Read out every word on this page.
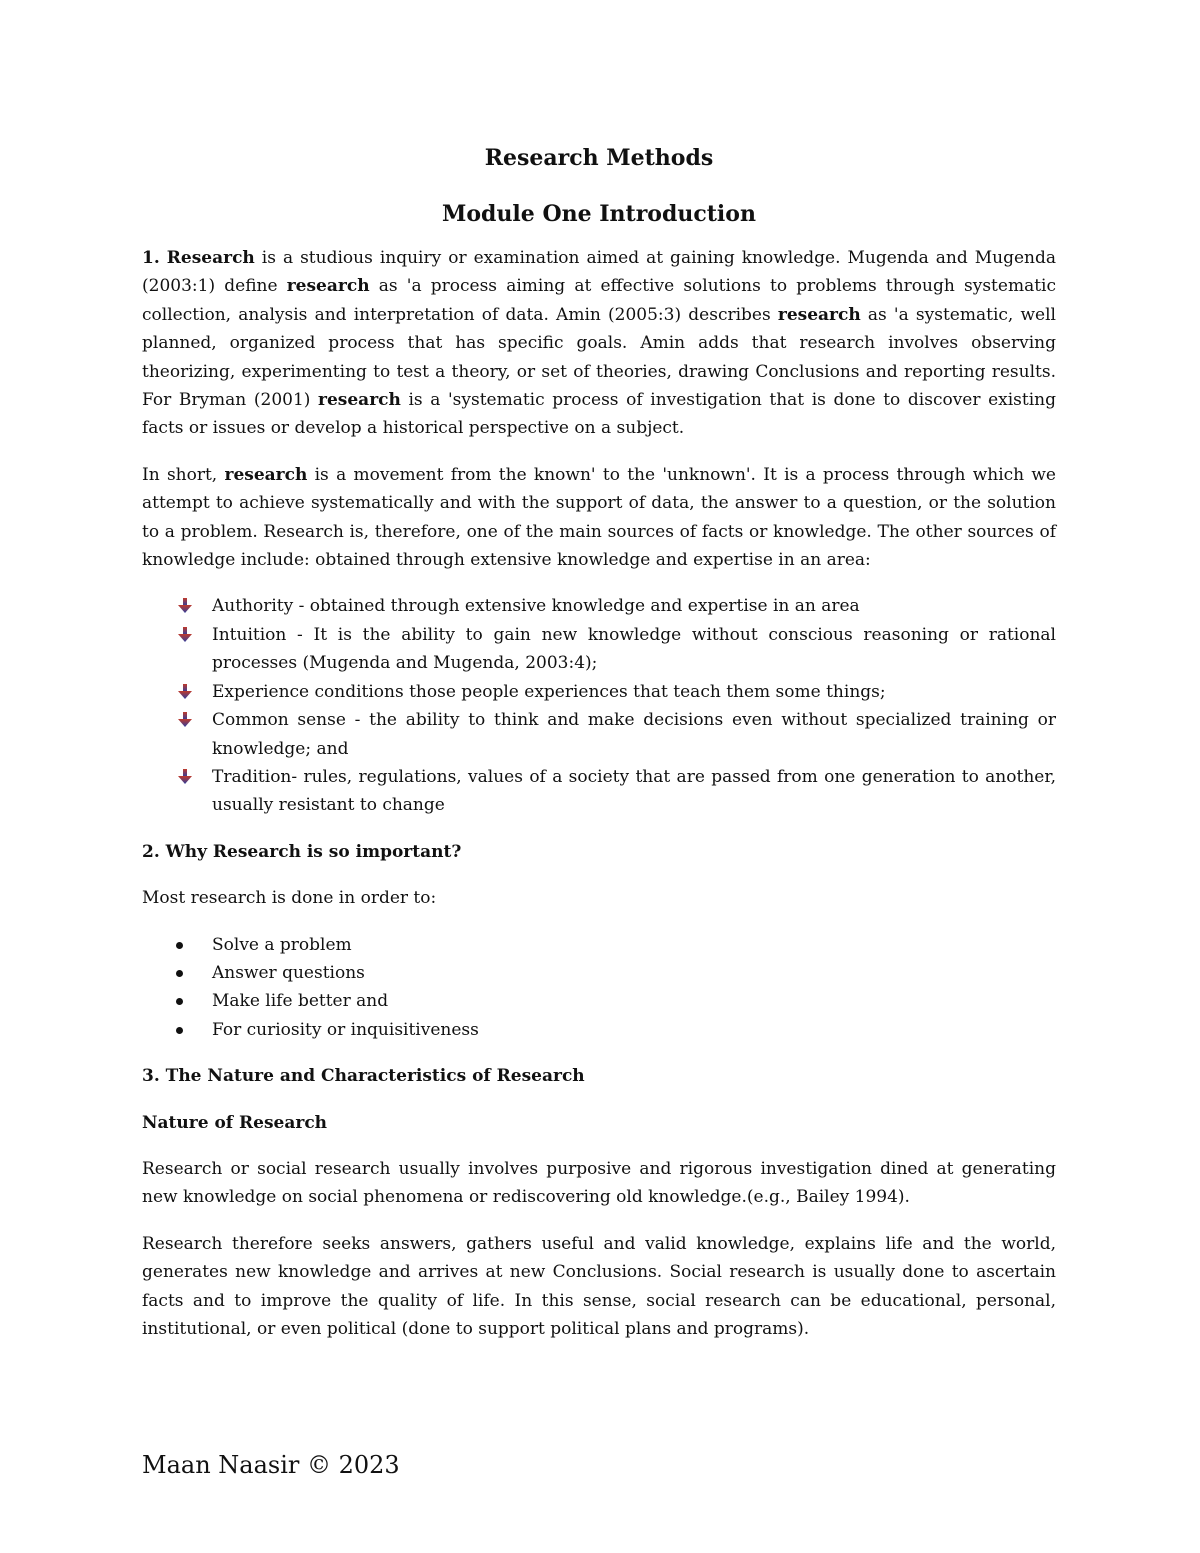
Research Methods
Module One Introduction

1. Research is a studious inquiry or examination aimed at gaining knowledge. Mugenda and Mugenda (2003:1) define research as 'a process aiming at effective solutions to problems through systematic collection, analysis and interpretation of data. Amin (2005:3) describes research as 'a systematic, well planned, organized process that has specific goals. Amin adds that research involves observing theorizing, experimenting to test a theory, or set of theories, drawing Conclusions and reporting results. For Bryman (2001) research is a 'systematic process of investigation that is done to discover existing facts or issues or develop a historical perspective on a subject.

In short, research is a movement from the known' to the 'unknown'. It is a process through which we attempt to achieve systematically and with the support of data, the answer to a question, or the solution to a problem. Research is, therefore, one of the main sources of facts or knowledge. The other sources of knowledge include: obtained through extensive knowledge and expertise in an area:

Authority - obtained through extensive knowledge and expertise in an area
Intuition - It is the ability to gain new knowledge without conscious reasoning or rational processes (Mugenda and Mugenda, 2003:4);
Experience conditions those people experiences that teach them some things;
Common sense - the ability to think and make decisions even without specialized training or knowledge; and
Tradition- rules, regulations, values of a society that are passed from one generation to another, usually resistant to change
2. Why Research is so important?

Most research is done in order to:

Solve a problem
Answer questions
Make life better and
For curiosity or inquisitiveness
3. The Nature and Characteristics of Research
Nature of Research

Research or social research usually involves purposive and rigorous investigation dined at generating new knowledge on social phenomena or rediscovering old knowledge.(e.g., Bailey 1994).

Research therefore seeks answers, gathers useful and valid knowledge, explains life and the world, generates new knowledge and arrives at new Conclusions. Social research is usually done to ascertain facts and to improve the quality of life. In this sense, social research can be educational, personal, institutional, or even political (done to support political plans and programs).

Maan Naasir © 2023
